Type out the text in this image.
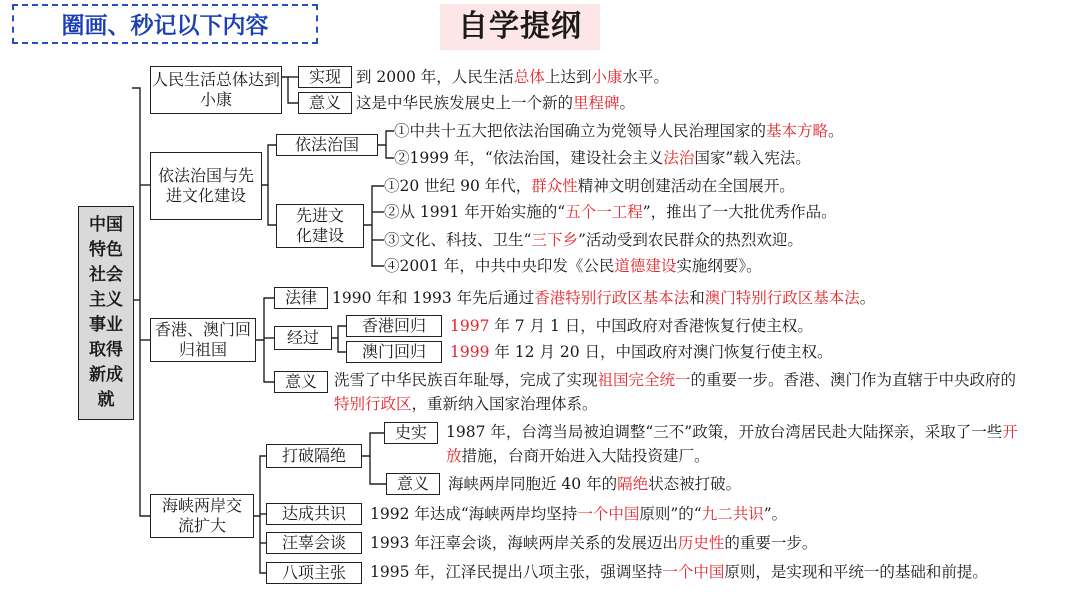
圈画、秒记以下内容	自学提纲
中国特色社会主义事业取得新成就
人民生活总体达到小康
实现 到 2000 年，人民生活总体上达到小康水平。
意义 这是中华民族发展史上一个新的里程碑。
依法治国与先进文化建设
依法治国
①中共十五大把依法治国确立为党领导人民治理国家的基本方略。
②1999 年，“依法治国，建设社会主义法治国家”载入宪法。
先进文化建设
①20 世纪 90 年代，群众性精神文明创建活动在全国展开。
②从 1991 年开始实施的“五个一工程”，推出了一大批优秀作品。
③文化、科技、卫生“三下乡”活动受到农民群众的热烈欢迎。
④2001 年，中共中央印发《公民道德建设实施纲要》。
香港、澳门回归祖国
法律 1990 年和 1993 年先后通过香港特别行政区基本法和澳门特别行政区基本法。
经过
香港回归 1997 年 7 月 1 日，中国政府对香港恢复行使主权。
澳门回归 1999 年 12 月 20 日，中国政府对澳门恢复行使主权。
意义 洗雪了中华民族百年耻辱，完成了实现祖国完全统一的重要一步。香港、澳门作为直辖于中央政府的特别行政区，重新纳入国家治理体系。
海峡两岸交流扩大
打破隔绝
史实 1987 年，台湾当局被迫调整“三不”政策，开放台湾居民赴大陆探亲，采取了一些开放措施，台商开始进入大陆投资建厂。
意义 海峡两岸同胞近 40 年的隔绝状态被打破。
达成共识 1992 年达成“海峡两岸均坚持一个中国原则”的“九二共识”。
汪辜会谈 1993 年汪辜会谈，海峡两岸关系的发展迈出历史性的重要一步。
八项主张 1995 年，江泽民提出八项主张，强调坚持一个中国原则，是实现和平统一的基础和前提。
